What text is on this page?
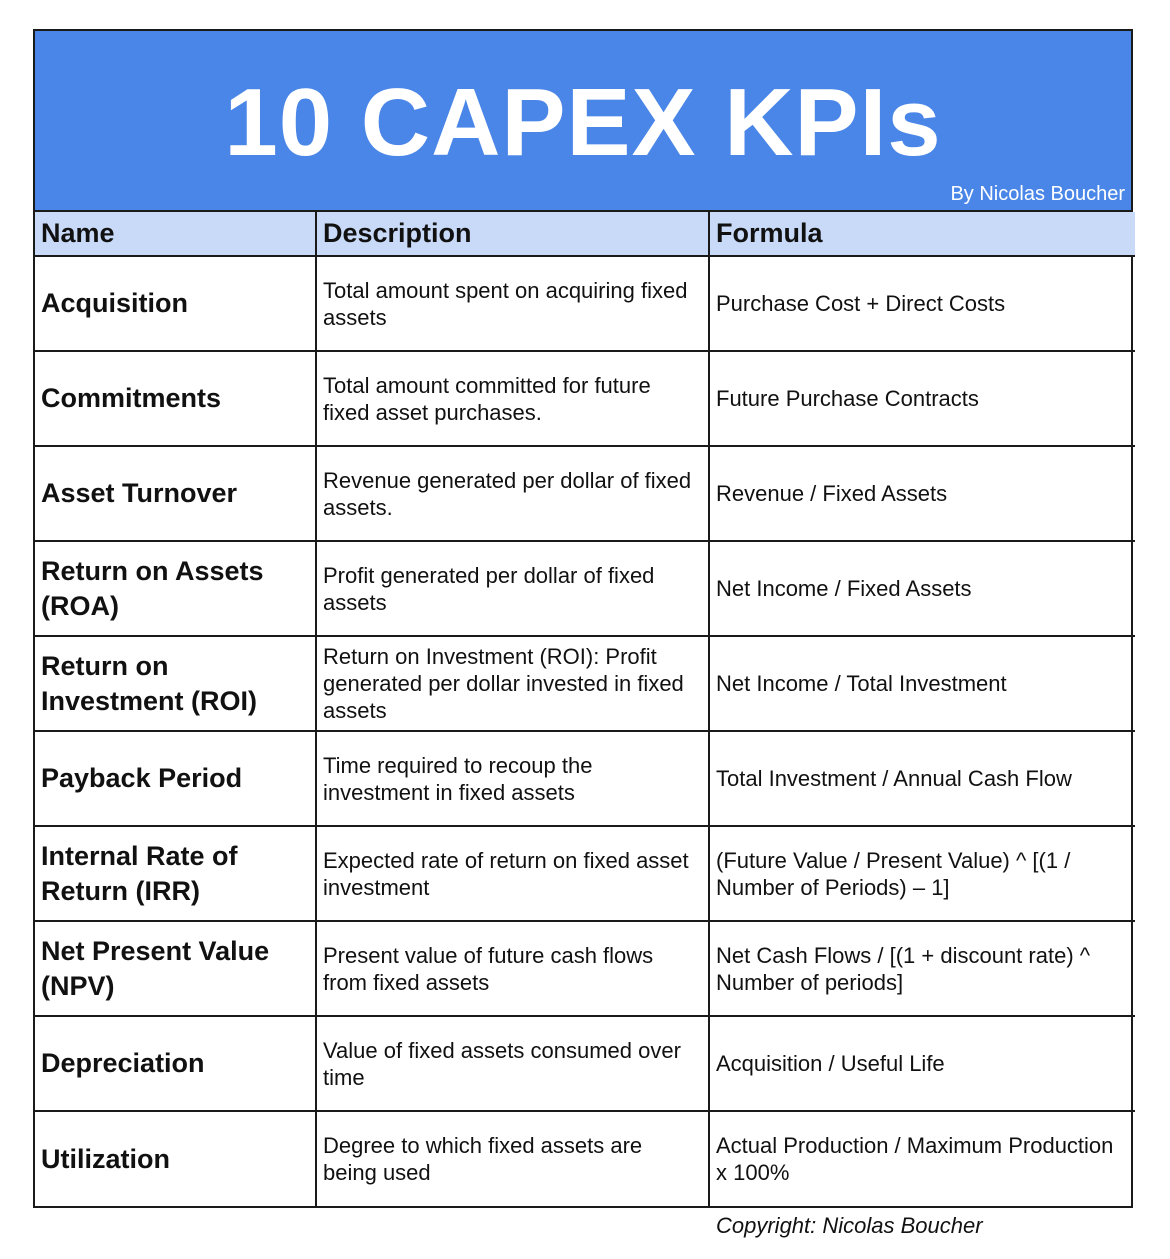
10 CAPEX KPIs
By Nicolas Boucher
Name	Description	Formula
Acquisition	Total amount spent on acquiring fixed assets	Purchase Cost + Direct Costs
Commitments	Total amount committed for future fixed asset purchases.	Future Purchase Contracts
Asset Turnover	Revenue generated per dollar of fixed assets.	Revenue / Fixed Assets
Return on Assets (ROA)	Profit generated per dollar of fixed assets	Net Income / Fixed Assets
Return on Investment (ROI)	Return on Investment (ROI): Profit generated per dollar invested in fixed assets	Net Income / Total Investment
Payback Period	Time required to recoup the investment in fixed assets	Total Investment / Annual Cash Flow
Internal Rate of Return (IRR)	Expected rate of return on fixed asset investment	(Future Value / Present Value) ^ [(1 / Number of Periods) – 1]
Net Present Value (NPV)	Present value of future cash flows from fixed assets	Net Cash Flows / [(1 + discount rate) ^ Number of periods]
Depreciation	Value of fixed assets consumed over time	Acquisition / Useful Life
Utilization	Degree to which fixed assets are being used	Actual Production / Maximum Production x 100%
Copyright: Nicolas Boucher
